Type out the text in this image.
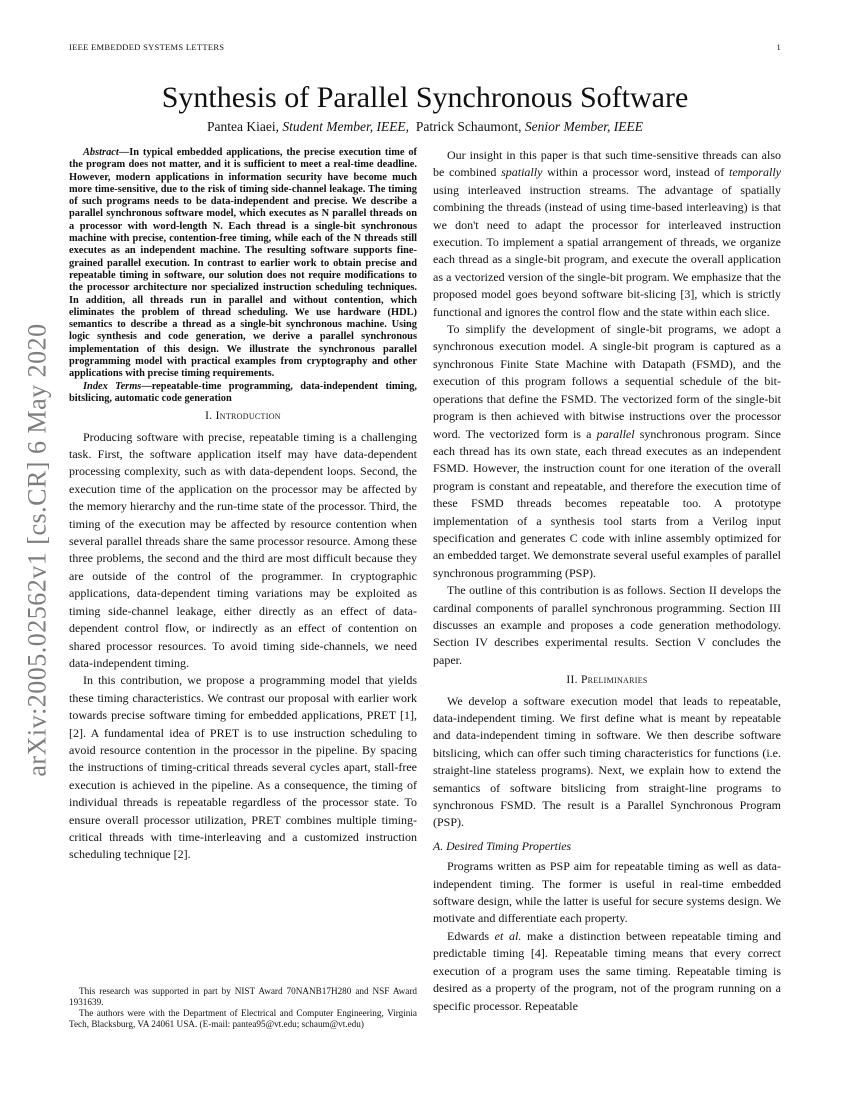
IEEE EMBEDDED SYSTEMS LETTERS	1
arXiv:2005.02562v1 [cs.CR] 6 May 2020
Synthesis of Parallel Synchronous Software
Pantea Kiaei, Student Member, IEEE, Patrick Schaumont, Senior Member, IEEE

Abstract—In typical embedded applications, the precise execution time of the program does not matter, and it is sufficient to meet a real-time deadline. However, modern applications in information security have become much more time-sensitive, due to the risk of timing side-channel leakage. The timing of such programs needs to be data-independent and precise. We describe a parallel synchronous software model, which executes as N parallel threads on a processor with word-length N. Each thread is a single-bit synchronous machine with precise, contention-free timing, while each of the N threads still executes as an independent machine. The resulting software supports fine-grained parallel execution. In contrast to earlier work to obtain precise and repeatable timing in software, our solution does not require modifications to the processor architecture nor specialized instruction scheduling techniques. In addition, all threads run in parallel and without contention, which eliminates the problem of thread scheduling. We use hardware (HDL) semantics to describe a thread as a single-bit synchronous machine. Using logic synthesis and code generation, we derive a parallel synchronous implementation of this design. We illustrate the synchronous parallel programming model with practical examples from cryptography and other applications with precise timing requirements.

Index Terms—repeatable-time programming, data-independent timing, bitslicing, automatic code generation

I. Introduction

Producing software with precise, repeatable timing is a challenging task. First, the software application itself may have data-dependent processing complexity, such as with data-dependent loops. Second, the execution time of the application on the processor may be affected by the memory hierarchy and the run-time state of the processor. Third, the timing of the execution may be affected by resource contention when several parallel threads share the same processor resource. Among these three problems, the second and the third are most difficult because they are outside of the control of the programmer. In cryptographic applications, data-dependent timing variations may be exploited as timing side-channel leakage, either directly as an effect of data-dependent control flow, or indirectly as an effect of contention on shared processor resources. To avoid timing side-channels, we need data-independent timing.

In this contribution, we propose a programming model that yields these timing characteristics. We contrast our proposal with earlier work towards precise software timing for embedded applications, PRET [1], [2]. A fundamental idea of PRET is to use instruction scheduling to avoid resource contention in the processor in the pipeline. By spacing the instructions of timing-critical threads several cycles apart, stall-free execution is achieved in the pipeline. As a consequence, the timing of individual threads is repeatable regardless of the processor state. To ensure overall processor utilization, PRET combines multiple timing-critical threads with time-interleaving and a customized instruction scheduling technique [2].

This research was supported in part by NIST Award 70NANB17H280 and NSF Award 1931639.

The authors were with the Department of Electrical and Computer Engineering, Virginia Tech, Blacksburg, VA 24061 USA. (E-mail: pantea95@vt.edu; schaum@vt.edu)

Our insight in this paper is that such time-sensitive threads can also be combined spatially within a processor word, instead of temporally using interleaved instruction streams. The advantage of spatially combining the threads (instead of using time-based interleaving) is that we don't need to adapt the processor for interleaved instruction execution. To implement a spatial arrangement of threads, we organize each thread as a single-bit program, and execute the overall application as a vectorized version of the single-bit program. We emphasize that the proposed model goes beyond software bit-slicing [3], which is strictly functional and ignores the control flow and the state within each slice.

To simplify the development of single-bit programs, we adopt a synchronous execution model. A single-bit program is captured as a synchronous Finite State Machine with Datapath (FSMD), and the execution of this program follows a sequential schedule of the bit-operations that define the FSMD. The vectorized form of the single-bit program is then achieved with bitwise instructions over the processor word. The vectorized form is a parallel synchronous program. Since each thread has its own state, each thread executes as an independent FSMD. However, the instruction count for one iteration of the overall program is constant and repeatable, and therefore the execution time of these FSMD threads becomes repeatable too. A prototype implementation of a synthesis tool starts from a Verilog input specification and generates C code with inline assembly optimized for an embedded target. We demonstrate several useful examples of parallel synchronous programming (PSP).

The outline of this contribution is as follows. Section II develops the cardinal components of parallel synchronous programming. Section III discusses an example and proposes a code generation methodology. Section IV describes experimental results. Section V concludes the paper.

II. Preliminaries

We develop a software execution model that leads to repeatable, data-independent timing. We first define what is meant by repeatable and data-independent timing in software. We then describe software bitslicing, which can offer such timing characteristics for functions (i.e. straight-line stateless programs). Next, we explain how to extend the semantics of software bitslicing from straight-line programs to synchronous FSMD. The result is a Parallel Synchronous Program (PSP).

A. Desired Timing Properties

Programs written as PSP aim for repeatable timing as well as data-independent timing. The former is useful in real-time embedded software design, while the latter is useful for secure systems design. We motivate and differentiate each property.

Edwards et al. make a distinction between repeatable timing and predictable timing [4]. Repeatable timing means that every correct execution of a program uses the same timing. Repeatable timing is desired as a property of the program, not of the program running on a specific processor. Repeatable
